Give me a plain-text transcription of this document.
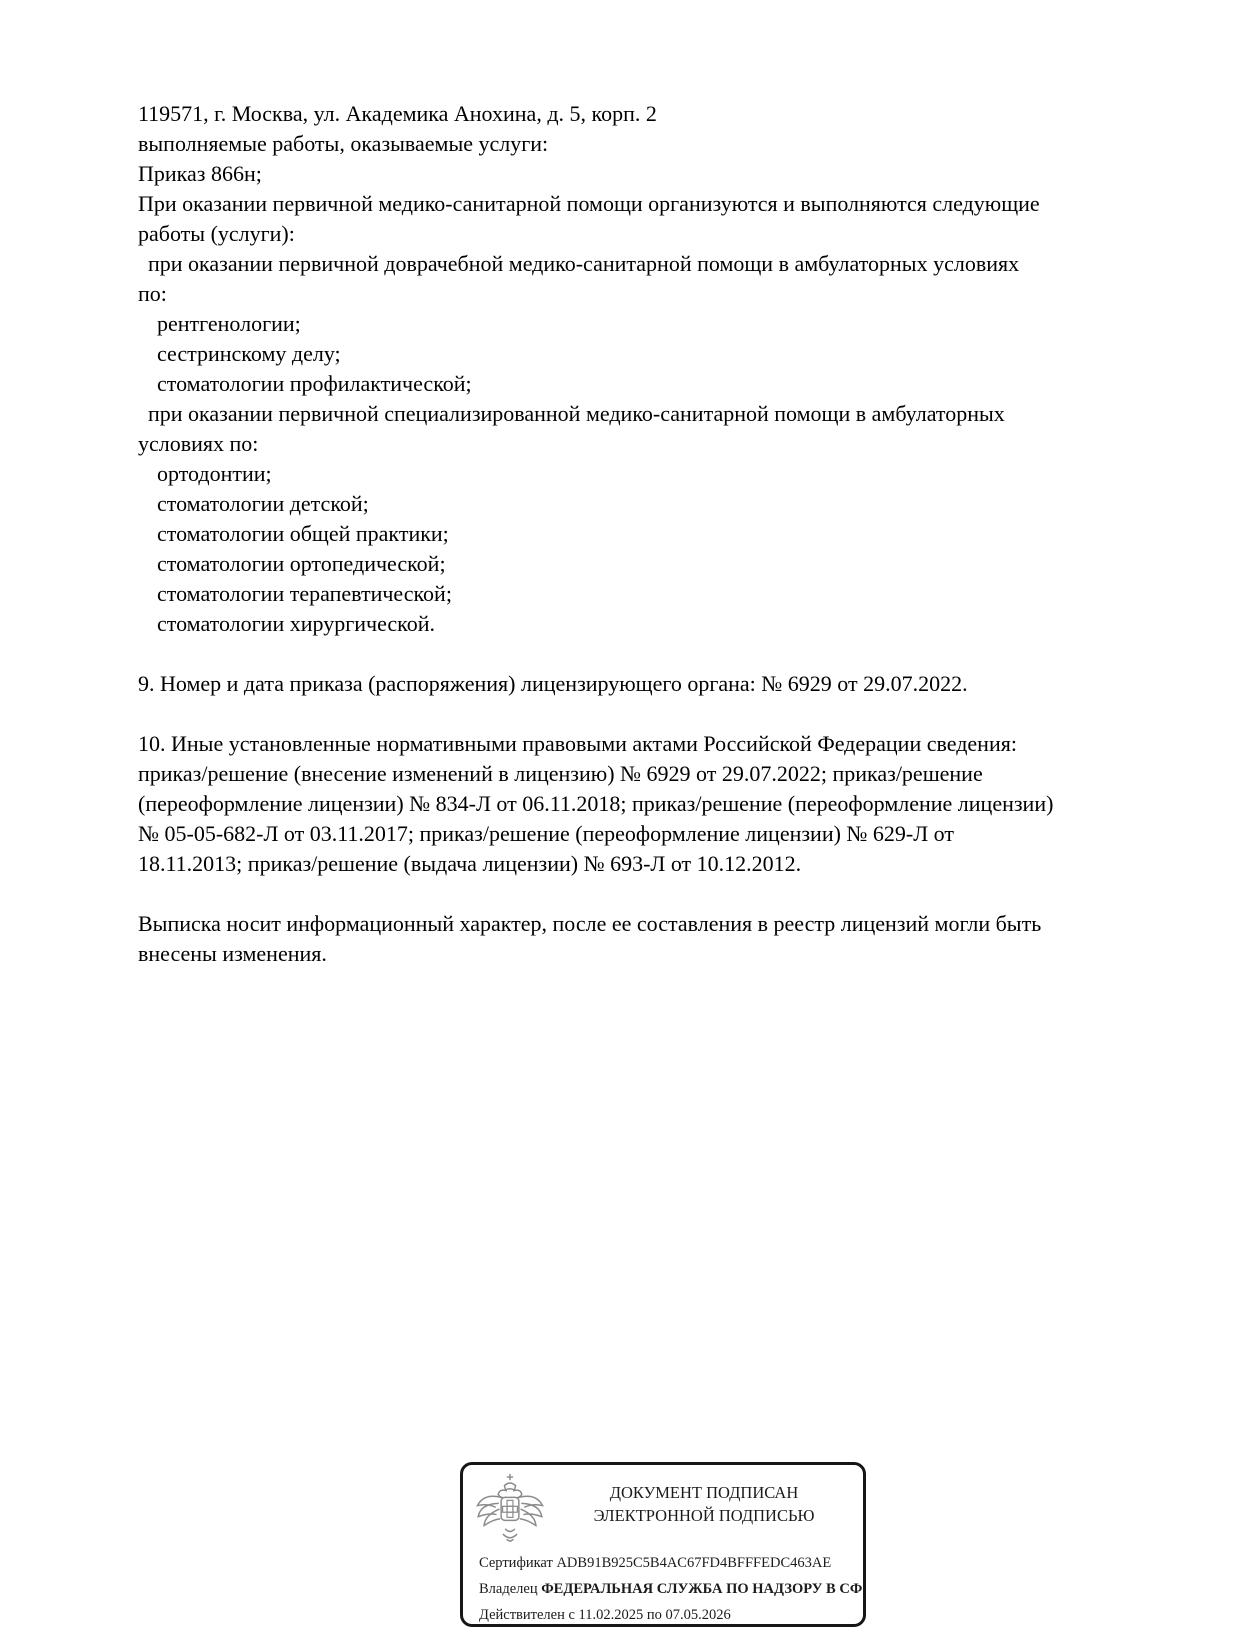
119571, г. Москва, ул. Академика Анохина, д. 5, корп. 2
выполняемые работы, оказываемые услуги:
Приказ 866н;
При оказании первичной медико-санитарной помощи организуются и выполняются следующие
работы (услуги):
при оказании первичной доврачебной медико-санитарной помощи в амбулаторных условиях
по:
рентгенологии;
сестринскому делу;
стоматологии профилактической;
при оказании первичной специализированной медико-санитарной помощи в амбулаторных
условиях по:
ортодонтии;
стоматологии детской;
стоматологии общей практики;
стоматологии ортопедической;
стоматологии терапевтической;
стоматологии хирургической.
9. Номер и дата приказа (распоряжения) лицензирующего органа: № 6929 от 29.07.2022.
10. Иные установленные нормативными правовыми актами Российской Федерации сведения:
приказ/решение (внесение изменений в лицензию) № 6929 от 29.07.2022; приказ/решение
(переоформление лицензии) № 834-Л от 06.11.2018; приказ/решение (переоформление лицензии)
№ 05-05-682-Л от 03.11.2017; приказ/решение (переоформление лицензии) № 629-Л от
18.11.2013; приказ/решение (выдача лицензии) № 693-Л от 10.12.2012.
Выписка носит информационный характер, после ее составления в реестр лицензий могли быть
внесены изменения.
ДОКУМЕНТ ПОДПИСАН
ЭЛЕКТРОННОЙ ПОДПИСЬЮ
Сертификат ADB91B925C5B4AC67FD4BFFFEDC463AE
Владелец ФЕДЕРАЛЬНАЯ СЛУЖБА ПО НАДЗОРУ В СФ
Действителен с 11.02.2025 по 07.05.2026
